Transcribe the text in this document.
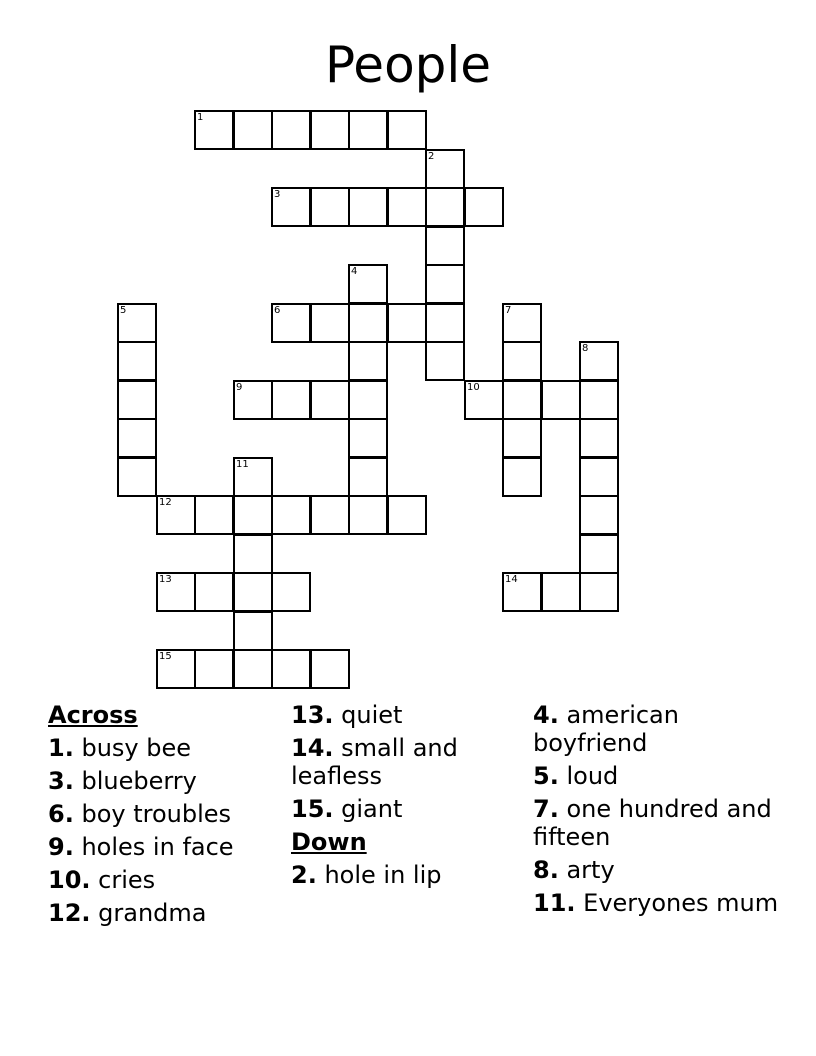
People
1
2
3
4
5	6	7
8
9	10
11
12
13	14
15
Across
1. busy bee
3. blueberry
6. boy troubles
9. holes in face
10. cries
12. grandma
13. quiet
14. small and leafless
15. giant
Down
2. hole in lip
4. american boyfriend
5. loud
7. one hundred and fifteen
8. arty
11. Everyones mum
